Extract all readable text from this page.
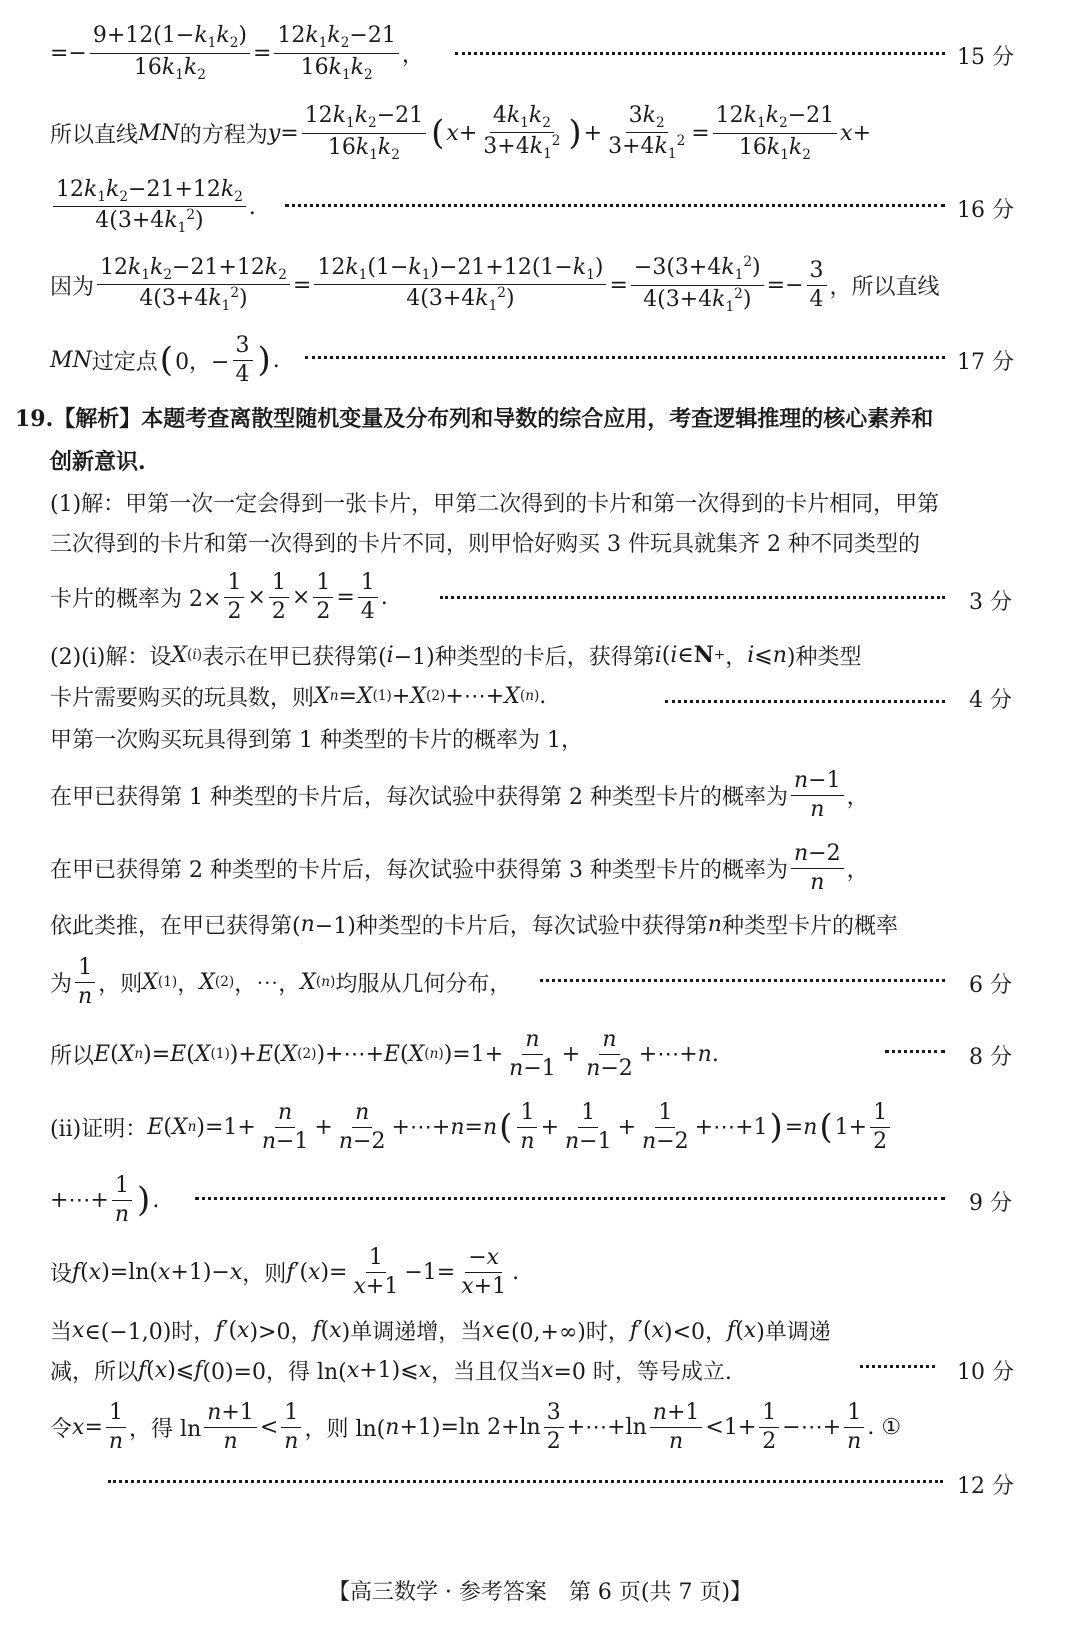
=− $\frac{9+12(1-k_1k_2)}{16k_1k_2} = \frac{12k_1k_2-21}{16k_1k_2}$ ，	15 分
所以直线 MN 的方程为 $y = \frac{12k_1k_2-21}{16k_1k_2}$ ( $x + \frac{4k_1k_2}{3+4k_1^2}$ ) + $\frac{3k_2}{3+4k_1^2} = \frac{12k_1k_2-21}{16k_1k_2}$ x +
$\frac{12k_1k_2-21+12k_2}{4(3+4k_1^2)}$ .	16 分
因为 $\frac{12k_1k_2-21+12k_2}{4(3+4k_1^2)} = \frac{12k_1(1-k_1)-21+12(1-k_1)}{4(3+4k_1^2)} = \frac{-3(3+4k_1^2)}{4(3+4k_1^2)} =- \frac{3}{4}$ ，所以直线
MN 过定点 ( 0，− $\frac{3}{4}$ ) .	17 分
19.【解析】本题考查离散型随机变量及分布列和导数的综合应用，考查逻辑推理的核心素养和
创新意识.
(1)解：甲第一次一定会得到一张卡片，甲第二次得到的卡片和第一次得到的卡片相同，甲第
三次得到的卡片和第一次得到的卡片不同，则甲恰好购买 3 件玩具就集齐 2 种不同类型的
卡片的概率为 $2\times \frac{1}{2} \times \frac{1}{2} \times \frac{1}{2} = \frac{1}{4}$ .	3 分
(2)(ⅰ)解：设 X (i) 表示在甲已获得第( i −1)种类型的卡后，获得第 i ( i ∈N + ， i ⩽ n )种类型
卡片需要购买的玩具数，则 X n = X (1) + X (2) +⋯+ X (n) .	4 分
甲第一次购买玩具得到第 1 种类型的卡片的概率为 1，
在甲已获得第 1 种类型的卡片后，每次试验中获得第 2 种类型卡片的概率为 $\frac{n-1}{n}$ ，
在甲已获得第 2 种类型的卡片后，每次试验中获得第 3 种类型卡片的概率为 $\frac{n-2}{n}$ ，
依此类推，在甲已获得第( n −1)种类型的卡片后，每次试验中获得第 n 种类型卡片的概率
为 $\frac{1}{n}$ ，则 X (1) ， X (2) ，⋯， X (n) 均服从几何分布，	6 分
所以 E ( X n )= E ( X (1) )+ E ( X (2) )+⋯+ E ( X (n) )$=1+ \frac{n}{n-1} + \frac{n}{n-2}$ +⋯+ n .	8 分
(ⅱ)证明： E ( X n )$=1+ \frac{n}{n-1} + \frac{n}{n-2}$ +⋯+ n = n ( $\frac{1}{n} + \frac{1}{n-1} + \frac{1}{n-2}$ +⋯+1 ) = n ( $1+ \frac{1}{2}$
+⋯+ $\frac{1}{n}$ ) .	9 分
设 f ( x )=ln( x +1)− x ，则 f ′( x )= $\frac{1}{x+1} -1= \frac{-x}{x+1}$ .
当 x ∈(−1,0)时， f ′( x )>0， f ( x )单调递增，当 x ∈(0,+∞)时， f ′( x )<0， f ( x )单调递
减，所以 f ( x )⩽ f (0)=0，得 ln( x +1)⩽ x ，当且仅当 x =0 时，等号成立.	10 分
令 $x = \frac{1}{n}$ ，得 $\ln \frac{n+1}{n} < \frac{1}{n}$ ，则 ln( n +1)=ln $2+\ln \frac{3}{2}$ +⋯+ln $\frac{n+1}{n} <1+ \frac{1}{2}$ −⋯+ $\frac{1}{n}$ . ①
12 分
【高三数学 · 参考答案　第 6 页(共 7 页)】
